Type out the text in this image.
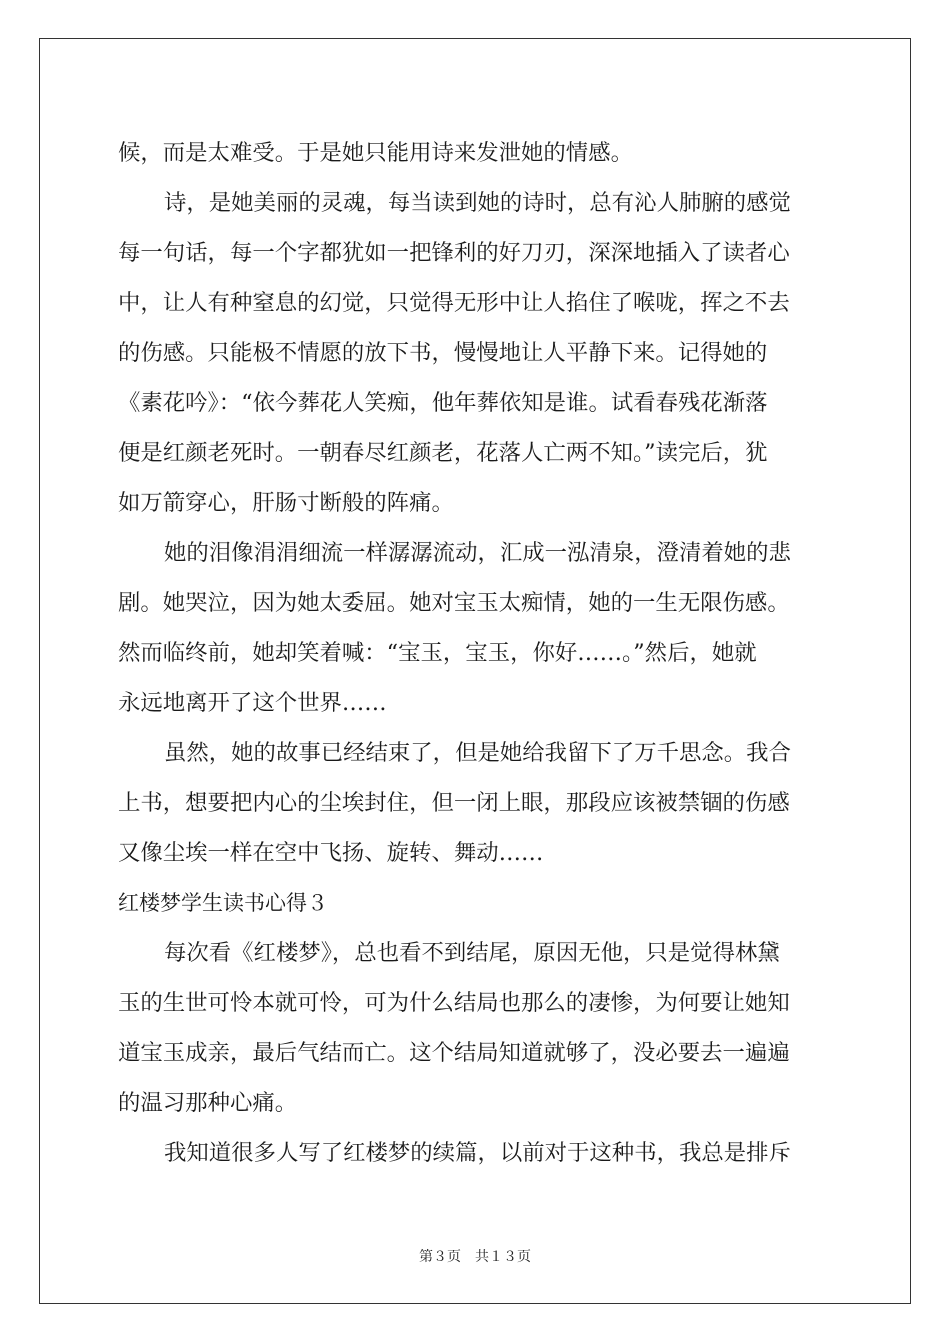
候，而是太难受。于是她只能用诗来发泄她的情感。
诗，是她美丽的灵魂，每当读到她的诗时，总有沁人肺腑的感觉
每一句话，每一个字都犹如一把锋利的好刀刃，深深地插入了读者心
中，让人有种窒息的幻觉，只觉得无形中让人掐住了喉咙，挥之不去
的伤感。只能极不情愿的放下书，慢慢地让人平静下来。记得她的
《素花吟》：“依今葬花人笑痴，他年葬依知是谁。试看春残花渐落
便是红颜老死时。一朝春尽红颜老，花落人亡两不知。”读完后，犹
如万箭穿心，肝肠寸断般的阵痛。
她的泪像涓涓细流一样潺潺流动，汇成一泓清泉，澄清着她的悲
剧。她哭泣，因为她太委屈。她对宝玉太痴情，她的一生无限伤感。
然而临终前，她却笑着喊：“宝玉，宝玉，你好……。”然后，她就
永远地离开了这个世界……
虽然，她的故事已经结束了，但是她给我留下了万千思念。我合
上书，想要把内心的尘埃封住，但一闭上眼，那段应该被禁锢的伤感
又像尘埃一样在空中飞扬、旋转、舞动……
红楼梦学生读书心得３
每次看《红楼梦》，总也看不到结尾，原因无他，只是觉得林黛
玉的生世可怜本就可怜，可为什么结局也那么的凄惨，为何要让她知
道宝玉成亲，最后气结而亡。这个结局知道就够了，没必要去一遍遍
的温习那种心痛。
我知道很多人写了红楼梦的续篇，以前对于这种书，我总是排斥
第３页 共１３页
